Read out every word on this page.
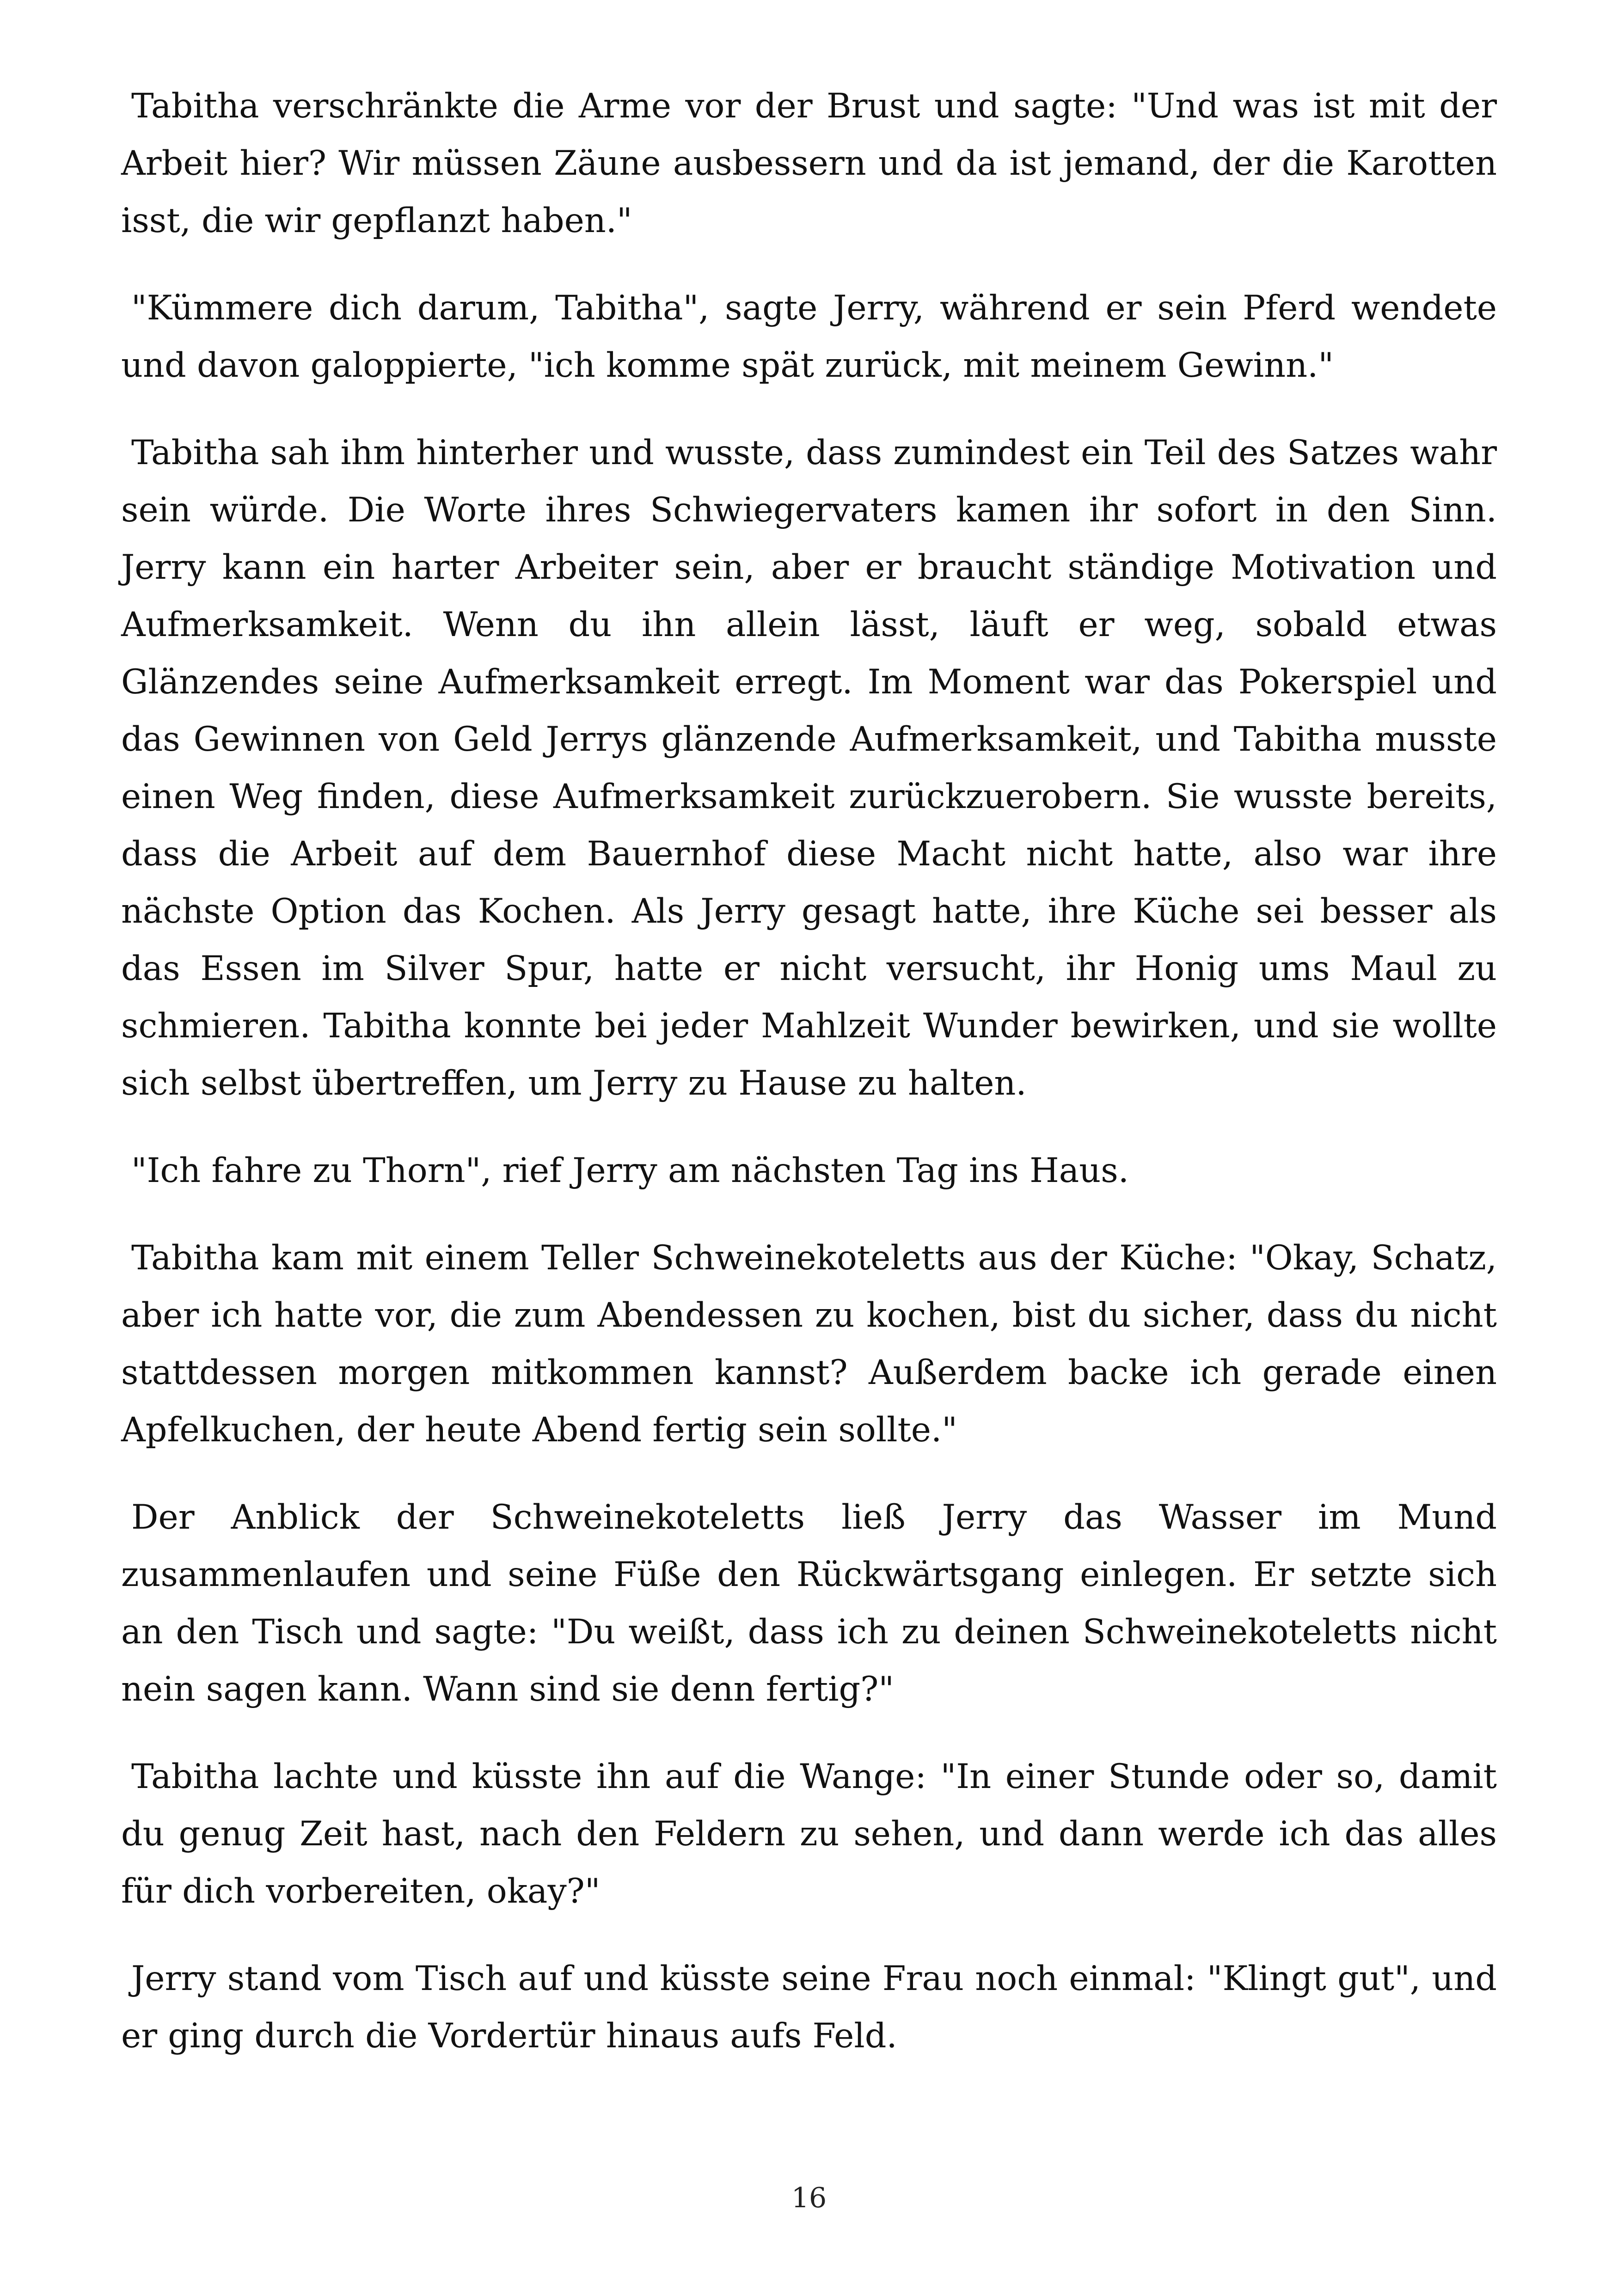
Tabitha verschränkte die Arme vor der Brust und sagte: "Und was ist mit der Arbeit hier? Wir müssen Zäune ausbessern und da ist jemand, der die Karotten isst, die wir gepflanzt haben."

"Kümmere dich darum, Tabitha", sagte Jerry, während er sein Pferd wendete und davon galoppierte, "ich komme spät zurück, mit meinem Gewinn."

Tabitha sah ihm hinterher und wusste, dass zumindest ein Teil des Satzes wahr sein würde. Die Worte ihres Schwiegervaters kamen ihr sofort in den Sinn. Jerry kann ein harter Arbeiter sein, aber er braucht ständige Motivation und Aufmerksamkeit. Wenn du ihn allein lässt, läuft er weg, sobald etwas Glänzendes seine Aufmerksamkeit erregt. Im Moment war das Pokerspiel und das Gewinnen von Geld Jerrys glänzende Aufmerksamkeit, und Tabitha musste einen Weg finden, diese Aufmerksamkeit zurückzuerobern. Sie wusste bereits, dass die Arbeit auf dem Bauernhof diese Macht nicht hatte, also war ihre nächste Option das Kochen. Als Jerry gesagt hatte, ihre Küche sei besser als das Essen im Silver Spur, hatte er nicht versucht, ihr Honig ums Maul zu schmieren. Tabitha konnte bei jeder Mahlzeit Wunder bewirken, und sie wollte sich selbst übertreffen, um Jerry zu Hause zu halten.

"Ich fahre zu Thorn", rief Jerry am nächsten Tag ins Haus.

Tabitha kam mit einem Teller Schweinekoteletts aus der Küche: "Okay, Schatz, aber ich hatte vor, die zum Abendessen zu kochen, bist du sicher, dass du nicht stattdessen morgen mitkommen kannst? Außerdem backe ich gerade einen Apfelkuchen, der heute Abend fertig sein sollte."

Der Anblick der Schweinekoteletts ließ Jerry das Wasser im Mund zusammenlaufen und seine Füße den Rückwärtsgang einlegen. Er setzte sich an den Tisch und sagte: "Du weißt, dass ich zu deinen Schweinekoteletts nicht nein sagen kann. Wann sind sie denn fertig?"

Tabitha lachte und küsste ihn auf die Wange: "In einer Stunde oder so, damit du genug Zeit hast, nach den Feldern zu sehen, und dann werde ich das alles für dich vorbereiten, okay?"

Jerry stand vom Tisch auf und küsste seine Frau noch einmal: "Klingt gut", und er ging durch die Vordertür hinaus aufs Feld.

16
